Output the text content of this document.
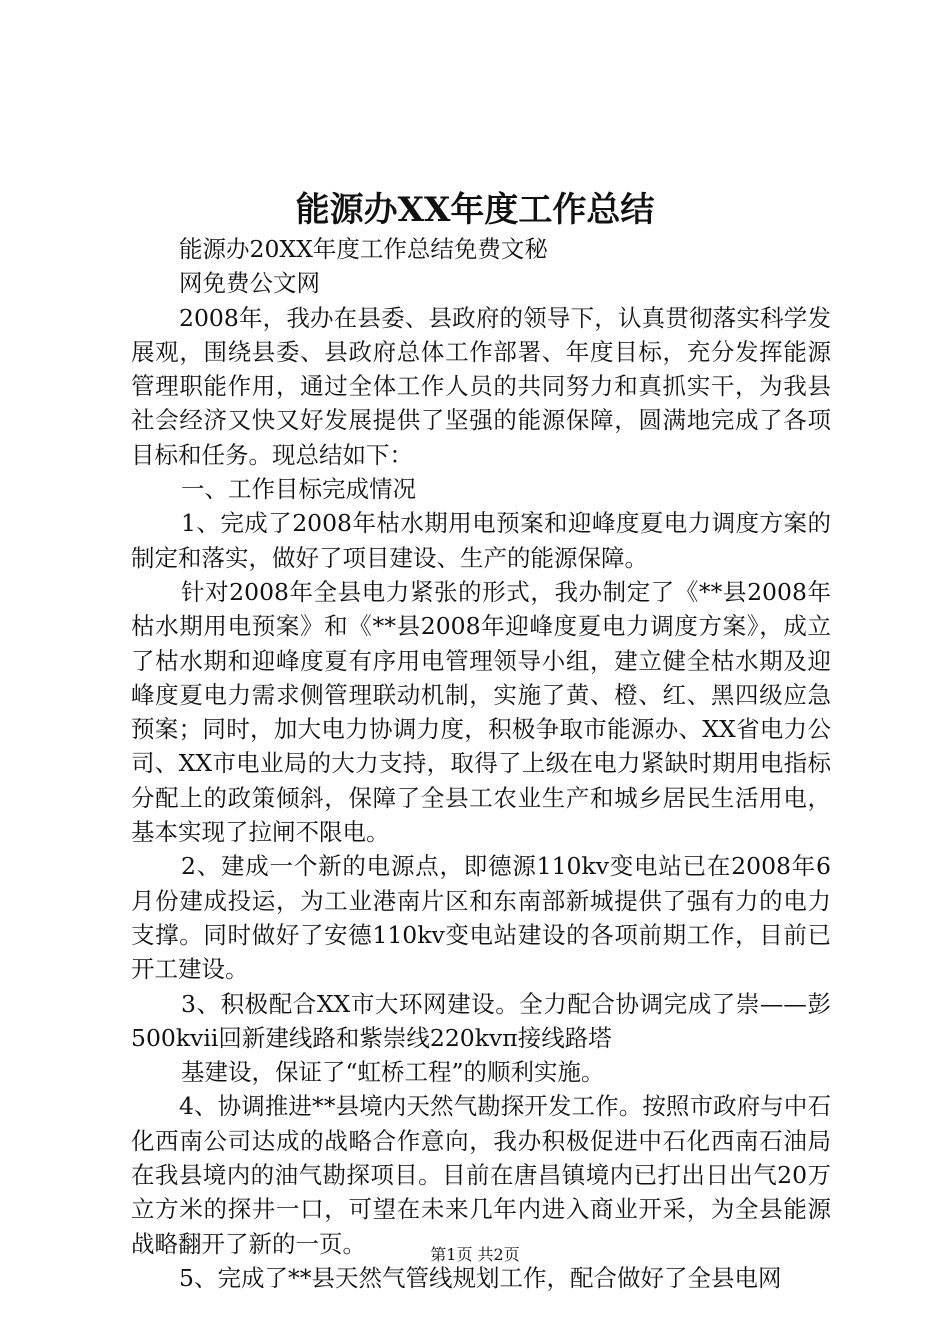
能源办XX年度工作总结

能源办20XX年度工作总结免费文秘

网免费公文网

2008年，我办在县委、县政府的领导下，认真贯彻落实科学发展观，围绕县委、县政府总体工作部署、年度目标，充分发挥能源管理职能作用，通过全体工作人员的共同努力和真抓实干，为我县社会经济又快又好发展提供了坚强的能源保障，圆满地完成了各项目标和任务。现总结如下：

一、工作目标完成情况

1、完成了2008年枯水期用电预案和迎峰度夏电力调度方案的制定和落实，做好了项目建设、生产的能源保障。

针对2008年全县电力紧张的形式，我办制定了《**县2008年枯水期用电预案》和《**县2008年迎峰度夏电力调度方案》，成立了枯水期和迎峰度夏有序用电管理领导小组，建立健全枯水期及迎峰度夏电力需求侧管理联动机制，实施了黄、橙、红、黑四级应急预案；同时，加大电力协调力度，积极争取市能源办、XX省电力公司、XX市电业局的大力支持，取得了上级在电力紧缺时期用电指标分配上的政策倾斜，保障了全县工农业生产和城乡居民生活用电，基本实现了拉闸不限电。

2、建成一个新的电源点，即德源110kv变电站已在2008年6月份建成投运，为工业港南片区和东南部新城提供了强有力的电力支撑。同时做好了安德110kv变电站建设的各项前期工作，目前已开工建设。

3、积极配合XX市大环网建设。全力配合协调完成了崇——彭500kvii回新建线路和紫崇线220kvπ接线路塔

基建设，保证了“虹桥工程”的顺利实施。

4、协调推进**县境内天然气勘探开发工作。按照市政府与中石化西南公司达成的战略合作意向，我办积极促进中石化西南石油局在我县境内的油气勘探项目。目前在唐昌镇境内已打出日出气20万立方米的探井一口，可望在未来几年内进入商业开采，为全县能源战略翻开了新的一页。

5、完成了**县天然气管线规划工作，配合做好了全县电网

第1页 共2页
